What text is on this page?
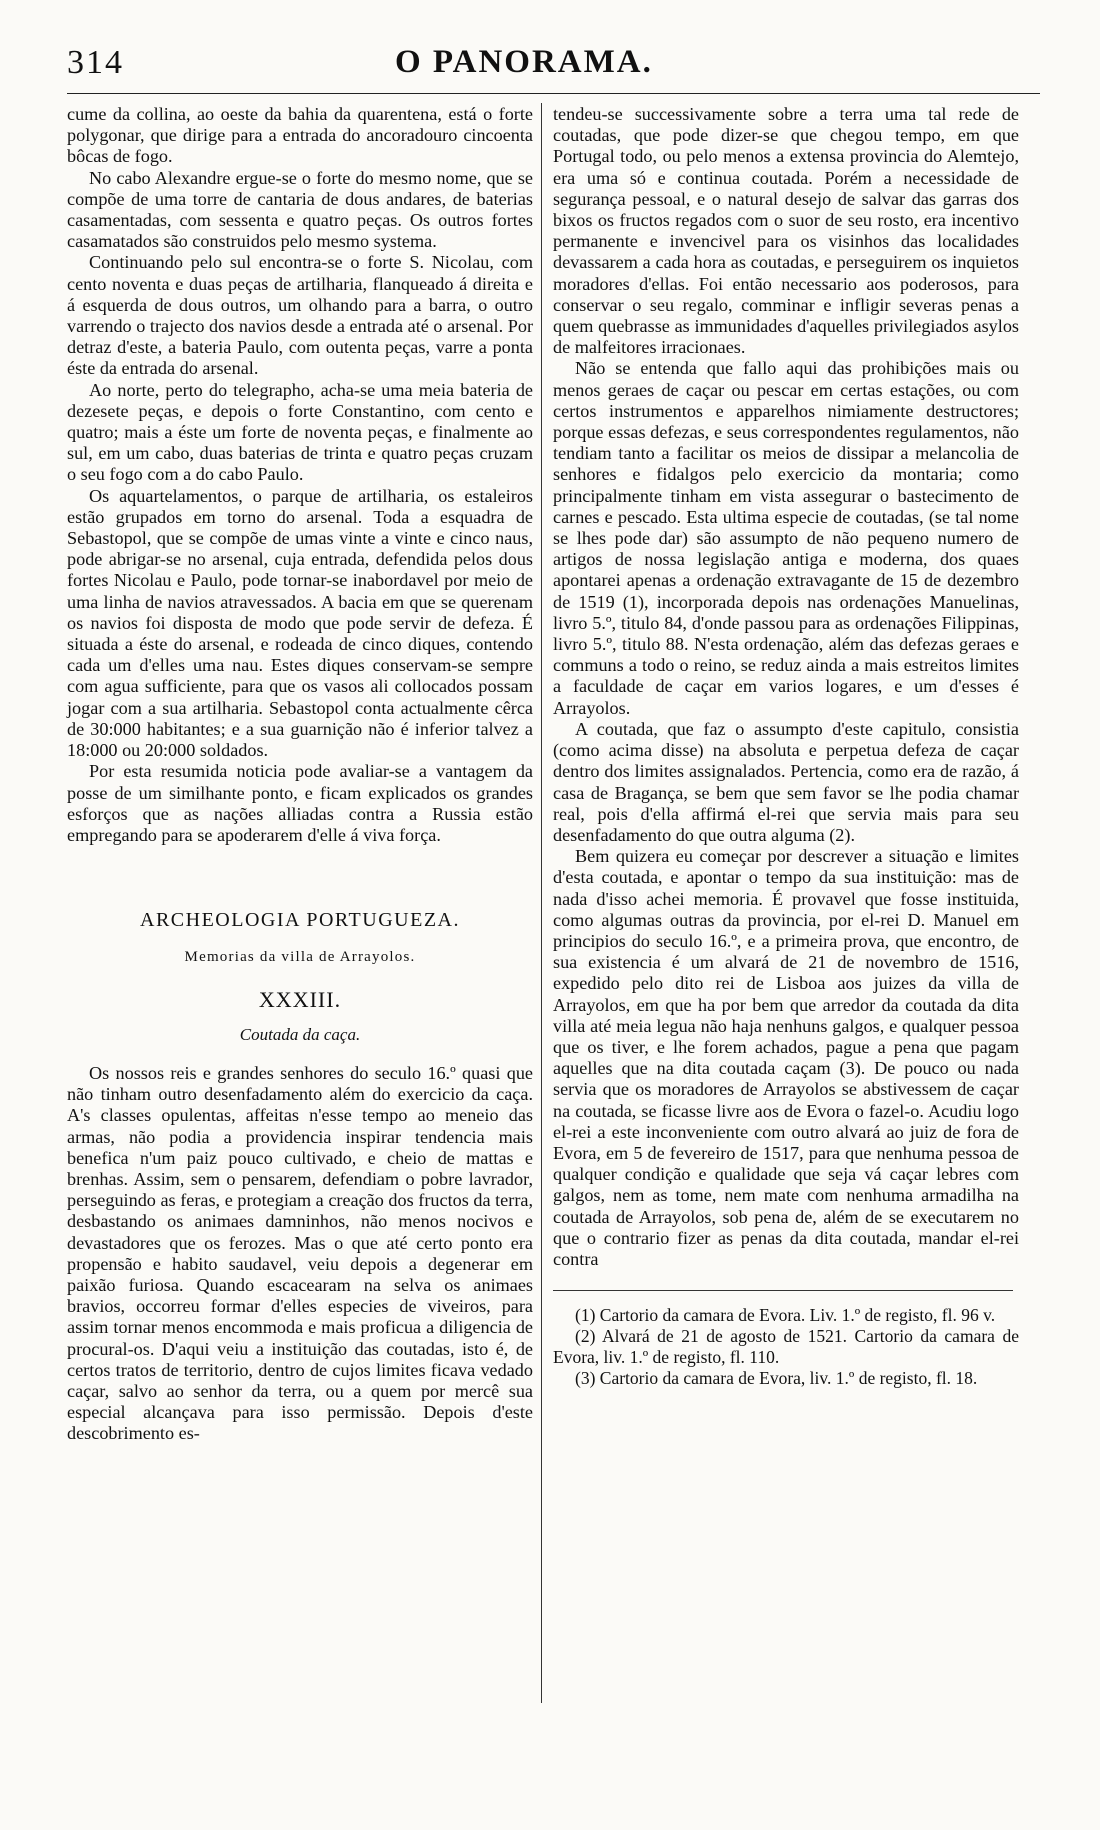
314	O PANORAMA.

cume da collina, ao oeste da bahia da quarentena, está o forte polygonar, que dirige para a entrada do ancoradouro cincoenta bôcas de fogo.

No cabo Alexandre ergue-se o forte do mesmo nome, que se compõe de uma torre de cantaria de dous andares, de baterias casamentadas, com sessenta e quatro peças. Os outros fortes casamatados são construidos pelo mesmo systema.

Continuando pelo sul encontra-se o forte S. Nicolau, com cento noventa e duas peças de artilharia, flanqueado á direita e á esquerda de dous outros, um olhando para a barra, o outro varrendo o trajecto dos navios desde a entrada até o arsenal. Por detraz d'este, a bateria Paulo, com outenta peças, varre a ponta éste da entrada do arsenal.

Ao norte, perto do telegrapho, acha-se uma meia bateria de dezesete peças, e depois o forte Constantino, com cento e quatro; mais a éste um forte de noventa peças, e finalmente ao sul, em um cabo, duas baterias de trinta e quatro peças cruzam o seu fogo com a do cabo Paulo.

Os aquartelamentos, o parque de artilharia, os estaleiros estão grupados em torno do arsenal. Toda a esquadra de Sebastopol, que se compõe de umas vinte a vinte e cinco naus, pode abrigar-se no arsenal, cuja entrada, defendida pelos dous fortes Nicolau e Paulo, pode tornar-se inabordavel por meio de uma linha de navios atravessados. A bacia em que se querenam os navios foi disposta de modo que pode servir de defeza. É situada a éste do arsenal, e rodeada de cinco diques, contendo cada um d'elles uma nau. Estes diques conservam-se sempre com agua sufficiente, para que os vasos ali collocados possam jogar com a sua artilharia. Sebastopol conta actualmente cêrca de 30:000 habitantes; e a sua guarnição não é inferior talvez a 18:000 ou 20:000 soldados.

Por esta resumida noticia pode avaliar-se a vantagem da posse de um similhante ponto, e ficam explicados os grandes esforços que as nações alliadas contra a Russia estão empregando para se apoderarem d'elle á viva força.

ARCHEOLOGIA PORTUGUEZA.
Memorias da villa de Arrayolos.
XXXIII.
Coutada da caça.

Os nossos reis e grandes senhores do seculo 16.º quasi que não tinham outro desenfadamento além do exercicio da caça. A's classes opulentas, affeitas n'esse tempo ao meneio das armas, não podia a providencia inspirar tendencia mais benefica n'um paiz pouco cultivado, e cheio de mattas e brenhas. Assim, sem o pensarem, defendiam o pobre lavrador, perseguindo as feras, e protegiam a creação dos fructos da terra, desbastando os animaes damninhos, não menos nocivos e devastadores que os ferozes. Mas o que até certo ponto era propensão e habito saudavel, veiu depois a degenerar em paixão furiosa. Quando escacearam na selva os animaes bravios, occorreu formar d'elles especies de viveiros, para assim tornar menos encommoda e mais proficua a diligencia de procural-os. D'aqui veiu a instituição das coutadas, isto é, de certos tratos de territorio, dentro de cujos limites ficava vedado caçar, salvo ao senhor da terra, ou a quem por mercê sua especial alcançava para isso permissão. Depois d'este descobrimento es-

tendeu-se successivamente sobre a terra uma tal rede de coutadas, que pode dizer-se que chegou tempo, em que Portugal todo, ou pelo menos a extensa provincia do Alemtejo, era uma só e continua coutada. Porém a necessidade de segurança pessoal, e o natural desejo de salvar das garras dos bixos os fructos regados com o suor de seu rosto, era incentivo permanente e invencivel para os visinhos das localidades devassarem a cada hora as coutadas, e perseguirem os inquietos moradores d'ellas. Foi então necessario aos poderosos, para conservar o seu regalo, comminar e infligir severas penas a quem quebrasse as immunidades d'aquelles privilegiados asylos de malfeitores irracionaes.

Não se entenda que fallo aqui das prohibições mais ou menos geraes de caçar ou pescar em certas estações, ou com certos instrumentos e apparelhos nimiamente destructores; porque essas defezas, e seus correspondentes regulamentos, não tendiam tanto a facilitar os meios de dissipar a melancolia de senhores e fidalgos pelo exercicio da montaria; como principalmente tinham em vista assegurar o bastecimento de carnes e pescado. Esta ultima especie de coutadas, (se tal nome se lhes pode dar) são assumpto de não pequeno numero de artigos de nossa legislação antiga e moderna, dos quaes apontarei apenas a ordenação extravagante de 15 de dezembro de 1519 (1), incorporada depois nas ordenações Manuelinas, livro 5.º, titulo 84, d'onde passou para as ordenações Filippinas, livro 5.º, titulo 88. N'esta ordenação, além das defezas geraes e communs a todo o reino, se reduz ainda a mais estreitos limites a faculdade de caçar em varios logares, e um d'esses é Arrayolos.

A coutada, que faz o assumpto d'este capitulo, consistia (como acima disse) na absoluta e perpetua defeza de caçar dentro dos limites assignalados. Pertencia, como era de razão, á casa de Bragança, se bem que sem favor se lhe podia chamar real, pois d'ella affirmá el-rei que servia mais para seu desenfadamento do que outra alguma (2).

Bem quizera eu começar por descrever a situação e limites d'esta coutada, e apontar o tempo da sua instituição: mas de nada d'isso achei memoria. É provavel que fosse instituida, como algumas outras da provincia, por el-rei D. Manuel em principios do seculo 16.º, e a primeira prova, que encontro, de sua existencia é um alvará de 21 de novembro de 1516, expedido pelo dito rei de Lisboa aos juizes da villa de Arrayolos, em que ha por bem que arredor da coutada da dita villa até meia legua não haja nenhuns galgos, e qualquer pessoa que os tiver, e lhe forem achados, pague a pena que pagam aquelles que na dita coutada caçam (3). De pouco ou nada servia que os moradores de Arrayolos se abstivessem de caçar na coutada, se ficasse livre aos de Evora o fazel-o. Acudiu logo el-rei a este inconveniente com outro alvará ao juiz de fora de Evora, em 5 de fevereiro de 1517, para que nenhuma pessoa de qualquer condição e qualidade que seja vá caçar lebres com galgos, nem as tome, nem mate com nenhuma armadilha na coutada de Arrayolos, sob pena de, além de se executarem no que o contrario fizer as penas da dita coutada, mandar el-rei contra

(1) Cartorio da camara de Evora. Liv. 1.º de registo, fl. 96 v.

(2) Alvará de 21 de agosto de 1521. Cartorio da camara de Evora, liv. 1.º de registo, fl. 110.

(3) Cartorio da camara de Evora, liv. 1.º de registo, fl. 18.
